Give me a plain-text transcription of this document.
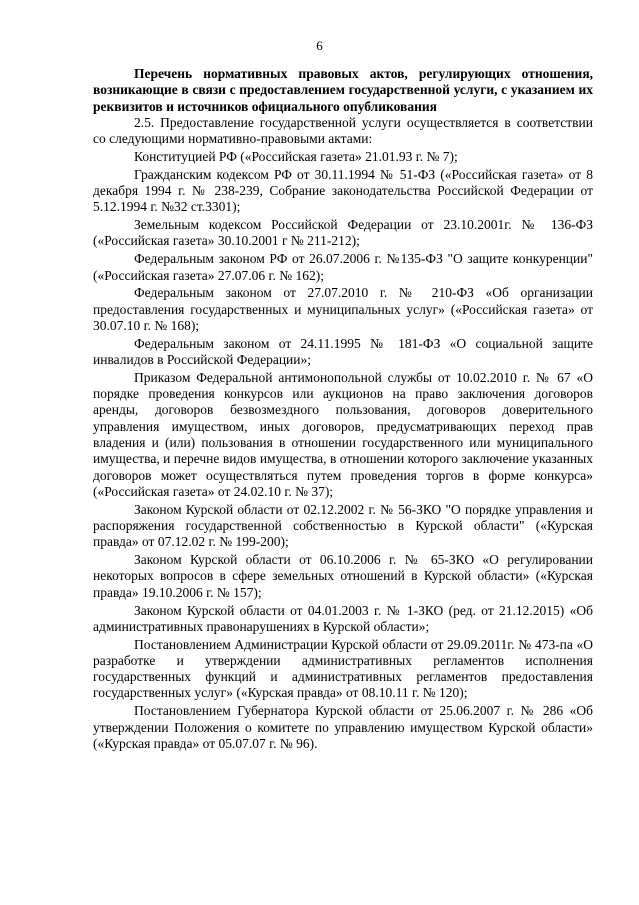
6

Перечень нормативных правовых актов, регулирующих отношения, возникающие в связи с предоставлением государственной услуги, с указанием их реквизитов и источников официального опубликования

2.5. Предоставление государственной услуги осуществляется в соответствии со следующими нормативно-правовыми актами:

Конституцией РФ («Российская газета» 21.01.93 г. № 7);

Гражданским кодексом РФ от 30.11.1994 № 51-ФЗ («Российская газета» от 8 декабря 1994 г. № 238-239, Собрание законодательства Российской Федерации от 5.12.1994 г. №32 ст.3301);

Земельным кодексом Российской Федерации от 23.10.2001г. № 136-ФЗ («Российская газета» 30.10.2001 г № 211-212);

Федеральным законом РФ от 26.07.2006 г. №135-ФЗ "О защите конкуренции" («Российская газета» 27.07.06 г. № 162);

Федеральным законом от 27.07.2010 г. № 210-ФЗ «Об организации предоставления государственных и муниципальных услуг» («Российская газета» от 30.07.10 г. № 168);

Федеральным законом от 24.11.1995 № 181-ФЗ «О социальной защите инвалидов в Российской Федерации»;

Приказом Федеральной антимонопольной службы от 10.02.2010 г. № 67 «О порядке проведения конкурсов или аукционов на право заключения договоров аренды, договоров безвозмездного пользования, договоров доверительного управления имуществом, иных договоров, предусматривающих переход прав владения и (или) пользования в отношении государственного или муниципального имущества, и перечне видов имущества, в отношении которого заключение указанных договоров может осуществляться путем проведения торгов в форме конкурса» («Российская газета» от 24.02.10 г. № 37);

Законом Курской области от 02.12.2002 г. № 56-ЗКО "О порядке управления и распоряжения государственной собственностью в Курской области" («Курская правда» от 07.12.02 г. № 199-200);

Законом Курской области от 06.10.2006 г. № 65-ЗКО «О регулировании некоторых вопросов в сфере земельных отношений в Курской области» («Курская правда» 19.10.2006 г. № 157);

Законом Курской области от 04.01.2003 г. № 1-ЗКО (ред. от 21.12.2015) «Об административных правонарушениях в Курской области»;

Постановлением Администрации Курской области от 29.09.2011г. № 473-па «О разработке и утверждении административных регламентов исполнения государственных функций и административных регламентов предоставления государственных услуг» («Курская правда» от 08.10.11 г. № 120);

Постановлением Губернатора Курской области от 25.06.2007 г. № 286 «Об утверждении Положения о комитете по управлению имуществом Курской области» («Курская правда» от 05.07.07 г. № 96).
